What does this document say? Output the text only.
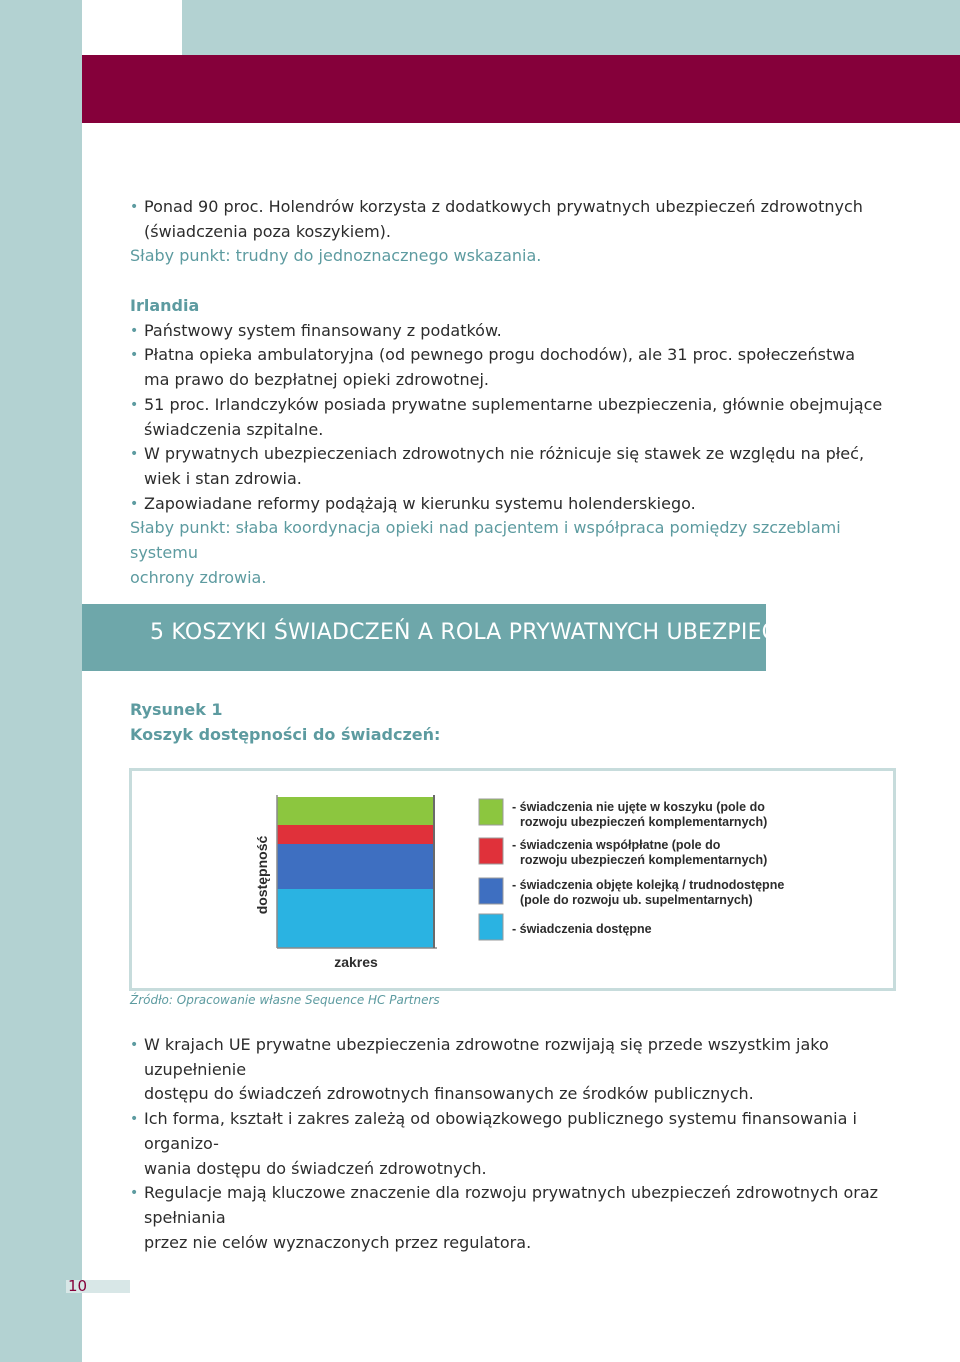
• Ponad 90 proc. Holendrów korzysta z dodatkowych prywatnych ubezpieczeń zdrowotnych
(świadczenia poza koszykiem).
Słaby punkt: trudny do jednoznacznego wskazania.
Irlandia
• Państwowy system finansowany z podatków.
• Płatna opieka ambulatoryjna (od pewnego progu dochodów), ale 31 proc. społeczeństwa
ma prawo do bezpłatnej opieki zdrowotnej.
• 51 proc. Irlandczyków posiada prywatne suplementarne ubezpieczenia, głównie obejmujące
świadczenia szpitalne.
• W prywatnych ubezpieczeniach zdrowotnych nie różnicuje się stawek ze względu na płeć,
wiek i stan zdrowia.
• Zapowiadane reformy podążają w kierunku systemu holenderskiego.
Słaby punkt: słaba koordynacja opieki nad pacjentem i współpraca pomiędzy szczeblami systemu
ochrony zdrowia.
5 KOSZYKI ŚWIADCZEŃ A ROLA PRYWATNYCH UBEZPIECZEŃ
Rysunek 1
Koszyk dostępności do świadczeń:
dostępność
zakres
- świadczenia nie ujęte w koszyku (pole do
rozwoju ubezpieczeń komplementarnych)
- świadczenia współpłatne (pole do
rozwoju ubezpieczeń komplementarnych)
- świadczenia objęte kolejką / trudnodostępne
(pole do rozwoju ub. supelmentarnych)
- świadczenia dostępne
Źródło: Opracowanie własne Sequence HC Partners
• W krajach UE prywatne ubezpieczenia zdrowotne rozwijają się przede wszystkim jako uzupełnienie
dostępu do świadczeń zdrowotnych finansowanych ze środków publicznych.
• Ich forma, kształt i zakres zależą od obowiązkowego publicznego systemu finansowania i organizo-
wania dostępu do świadczeń zdrowotnych.
• Regulacje mają kluczowe znaczenie dla rozwoju prywatnych ubezpieczeń zdrowotnych oraz spełniania
przez nie celów wyznaczonych przez regulatora.
10
